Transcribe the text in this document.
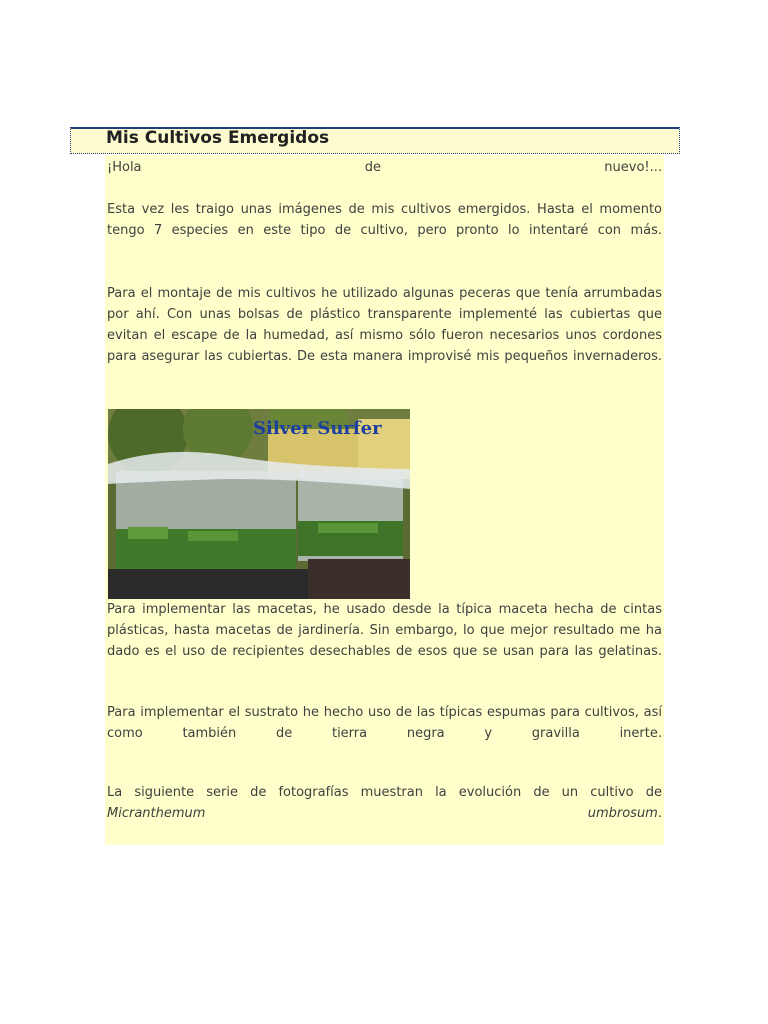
Mis Cultivos Emergidos

¡Hola de nuevo!...

Esta vez les traigo unas imágenes de mis cultivos emergidos. Hasta el momento tengo 7 especies en este tipo de cultivo, pero pronto lo intentaré con más.

Para el montaje de mis cultivos he utilizado algunas peceras que tenía arrumbadas por ahí. Con unas bolsas de plástico transparente implementé las cubiertas que evitan el escape de la humedad, así mismo sólo fueron necesarios unos cordones para asegurar las cubiertas. De esta manera improvisé mis pequeños invernaderos.

Para implementar las macetas, he usado desde la típica maceta hecha de cintas plásticas, hasta macetas de jardinería. Sin embargo, lo que mejor resultado me ha dado es el uso de recipientes desechables de esos que se usan para las gelatinas.

Para implementar el sustrato he hecho uso de las típicas espumas para cultivos, así como también de tierra negra y gravilla inerte.

La siguiente serie de fotografías muestran la evolución de un cultivo de Micranthemum umbrosum.

Silver Surfer
